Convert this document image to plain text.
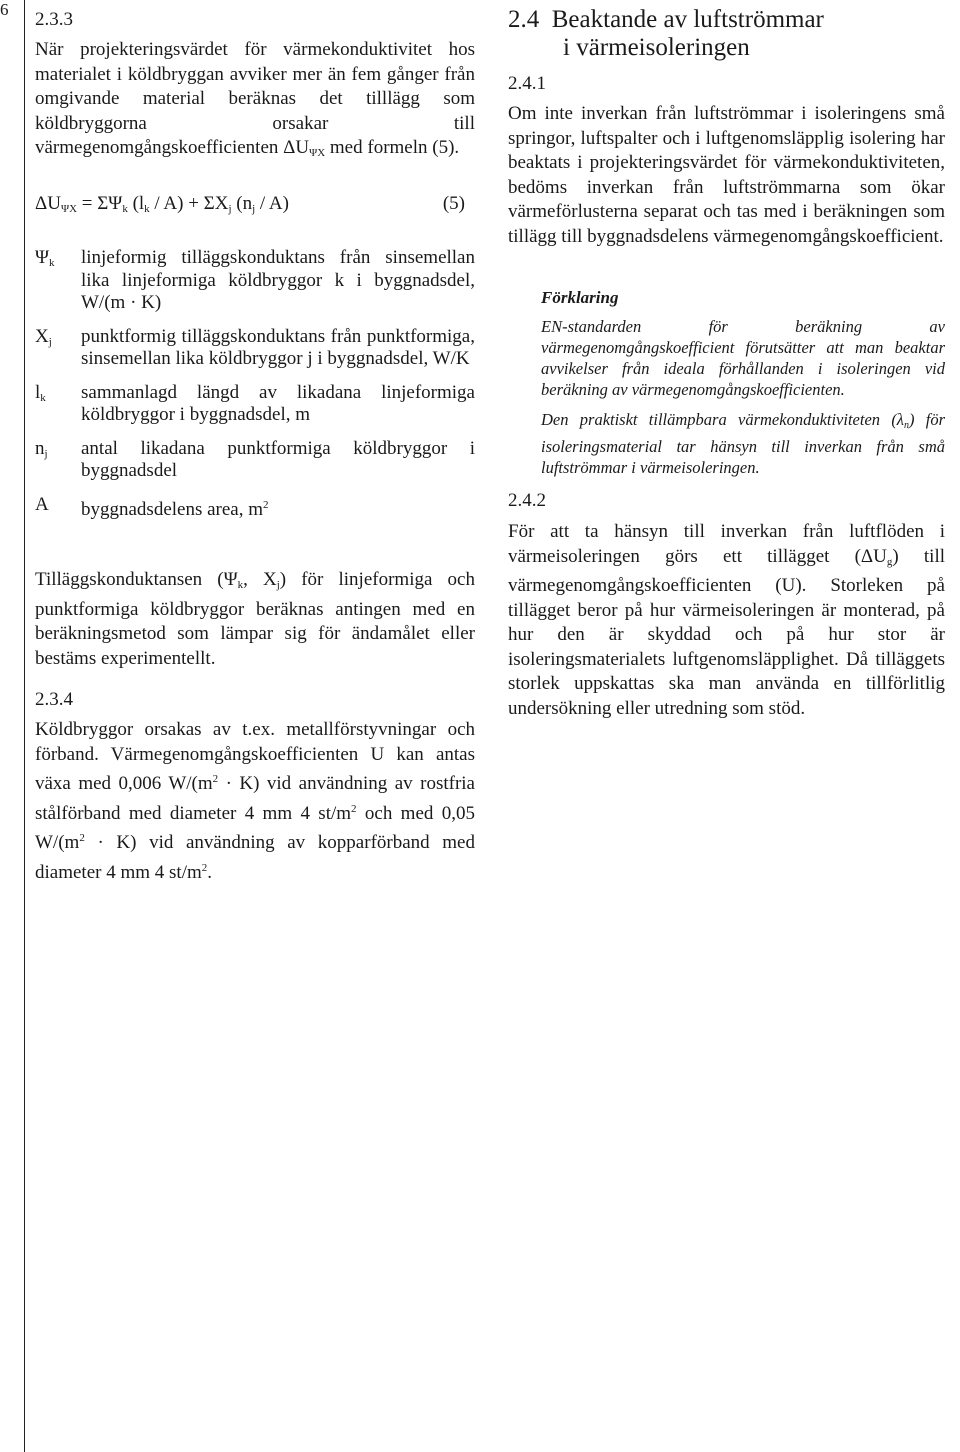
6 2.3.3

När projekteringsvärdet för värmekonduktivitet hos materialet i köldbryggan avviker mer än fem gånger från omgivande material beräknas det tilllägg som köldbryggorna orsakar till värmegenomgångskoefficienten $\Delta U_{\Psi X}$ med formeln (5).

$\Delta U_{\Psi X} = \Sigma\Psi_k$ $(l_k / A) + \Sigma X_j$ $(n_j / A)$	(5)
$\Psi_k$	linjeformig tilläggskonduktans från sinsemellan lika linjeformiga köldbryggor k i byggnadsdel, W/(m · K)
$X_j$	punktformig tilläggskonduktans från punktformiga, sinsemellan lika köldbryggor j i byggnadsdel, W/K
$l_k$	sammanlagd längd av likadana linjeformiga köldbryggor i byggnadsdel, m
$n_j$	antal likadana punktformiga köldbryggor i byggnadsdel
A	byggnadsdelens area, $m^2$

Tilläggskonduktansen ($\Psi_k$, $X_j$) för linjeformiga och punktformiga köldbryggor beräknas antingen med en beräkningsmetod som lämpar sig för ändamålet eller bestäms experimentellt.

2.3.4

Köldbryggor orsakas av t.ex. metallförstyvningar och förband. Värmegenomgångskoefficienten U kan antas växa med 0,006 $W/(m^2 \cdot K)$ vid användning av rostfria stålförband med diameter 4 mm 4 $st/m^2$ och med 0,05 $W/(m^2 \cdot K)$ vid användning av kopparförband med diameter 4 mm 4 $st/m^2$.

2.4 Beaktande av luftströmmar
i värmeisoleringen
2.4.1

Om inte inverkan från luftströmmar i isoleringens små springor, luftspalter och i luftgenomsläpplig isolering har beaktats i projekteringsvärdet för värmekonduktiviteten, bedöms inverkan från luftströmmarna som ökar värmeförlusterna separat och tas med i beräkningen som tillägg till byggnadsdelens värmegenomgångskoefficient.

Förklaring

EN-standarden för beräkning av värmegenomgångskoefficient förutsätter att man beaktar avvikelser från ideala förhållanden i isoleringen vid beräkning av värmegenomgångskoefficienten.

Den praktiskt tillämpbara värmekonduktiviteten $(\lambda_n)$ för isoleringsmaterial tar hänsyn till inverkan från små luftströmmar i värmeisoleringen.

2.4.2

För att ta hänsyn till inverkan från luftflöden i värmeisoleringen görs ett tillägget $(\Delta U_g)$ till värmegenomgångskoefficienten (U). Storleken på tillägget beror på hur värmeisoleringen är monterad, på hur den är skyddad och på hur stor är isoleringsmaterialets luftgenomsläpplighet. Då tilläggets storlek uppskattas ska man använda en tillförlitlig undersökning eller utredning som stöd.
